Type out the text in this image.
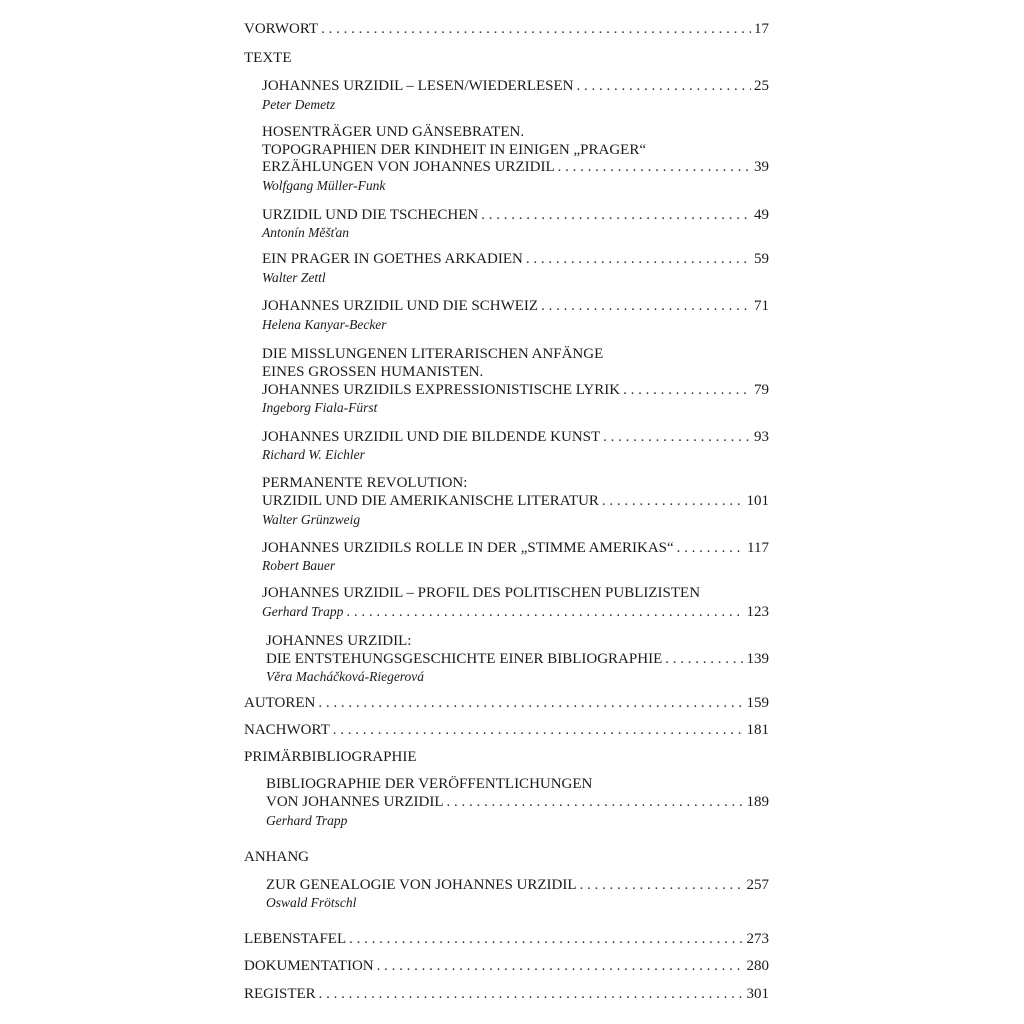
VORWORT . . .	17
TEXTE
JOHANNES URZIDIL – LESEN/WIEDERLESEN . . .	25
Peter Demetz
HOSENTRÄGER UND GÄNSEBRATEN.
TOPOGRAPHIEN DER KINDHEIT IN EINIGEN „PRAGER“
ERZÄHLUNGEN VON JOHANNES URZIDIL . . .	39
Wolfgang Müller-Funk
URZIDIL UND DIE TSCHECHEN . . .	49
Antonín Měšťan
EIN PRAGER IN GOETHES ARKADIEN . . .	59
Walter Zettl
JOHANNES URZIDIL UND DIE SCHWEIZ . . .	71
Helena Kanyar-Becker
DIE MISSLUNGENEN LITERARISCHEN ANFÄNGE
EINES GROSSEN HUMANISTEN.
JOHANNES URZIDILS EXPRESSIONISTISCHE LYRIK . . .	79
Ingeborg Fiala-Fürst
JOHANNES URZIDIL UND DIE BILDENDE KUNST . . .	93
Richard W. Eichler
PERMANENTE REVOLUTION:
URZIDIL UND DIE AMERIKANISCHE LITERATUR . . .	101
Walter Grünzweig
JOHANNES URZIDILS ROLLE IN DER „STIMME AMERIKAS“ . . .	117
Robert Bauer
JOHANNES URZIDIL – PROFIL DES POLITISCHEN PUBLIZISTEN
Gerhard Trapp . . .	123
JOHANNES URZIDIL:
DIE ENTSTEHUNGSGESCHICHTE EINER BIBLIOGRAPHIE . . .	139
Věra Macháčková-Riegerová
AUTOREN . . .	159
NACHWORT . . .	181
PRIMÄRBIBLIOGRAPHIE
BIBLIOGRAPHIE DER VERÖFFENTLICHUNGEN
VON JOHANNES URZIDIL . . .	189
Gerhard Trapp
ANHANG
ZUR GENEALOGIE VON JOHANNES URZIDIL . . .	257
Oswald Frötschl
LEBENSTAFEL . . .	273
DOKUMENTATION . . .	280
REGISTER . . .	301
